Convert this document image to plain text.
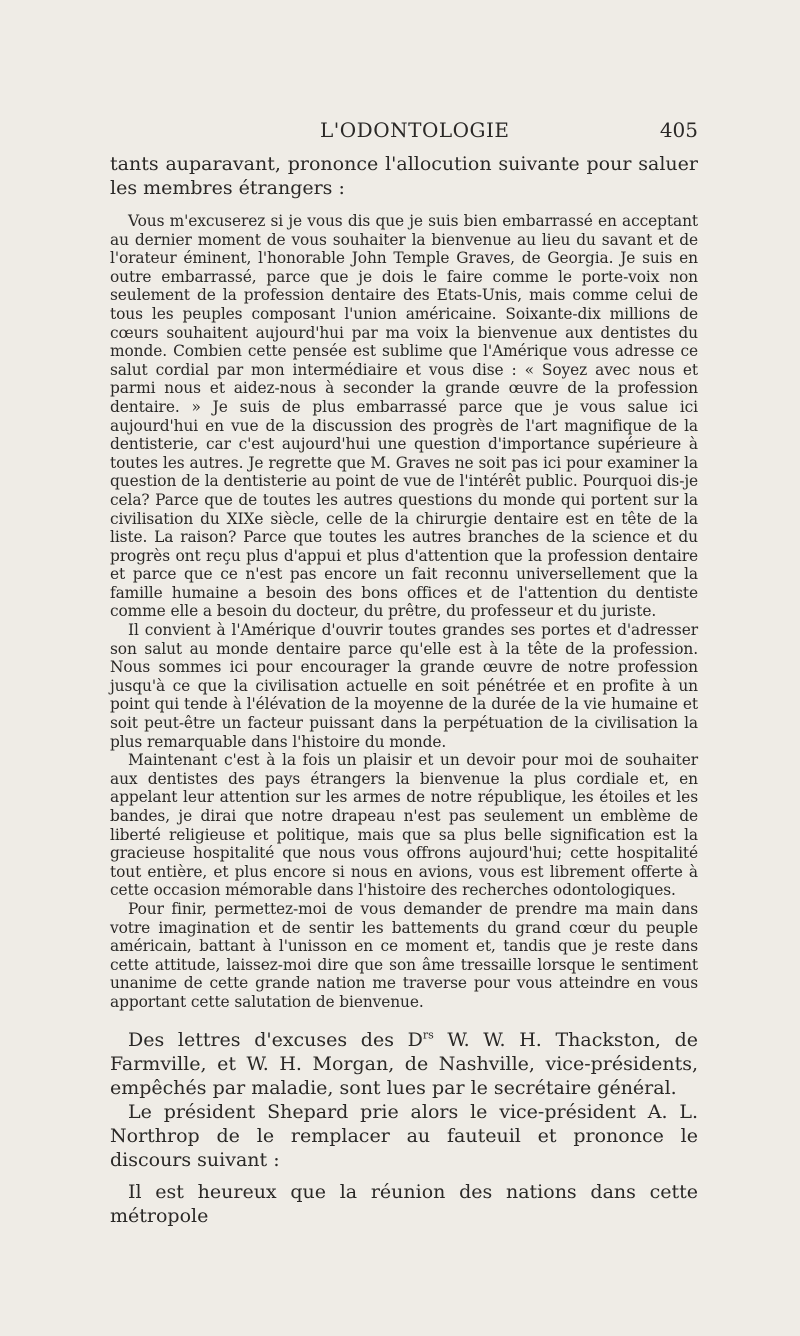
L'ODONTOLOGIE	405

tants auparavant, prononce l'allocution suivante pour saluer les membres étrangers :

Vous m'excuserez si je vous dis que je suis bien embarrassé en acceptant au dernier moment de vous souhaiter la bienvenue au lieu du savant et de l'orateur éminent, l'honorable John Temple Graves, de Georgia. Je suis en outre embarrassé, parce que je dois le faire comme le porte-voix non seulement de la profession dentaire des Etats-Unis, mais comme celui de tous les peuples composant l'union américaine. Soixante-dix millions de cœurs souhaitent aujourd'hui par ma voix la bienvenue aux dentistes du monde. Combien cette pensée est sublime que l'Amérique vous adresse ce salut cordial par mon intermédiaire et vous dise : « Soyez avec nous et parmi nous et aidez-nous à seconder la grande œuvre de la profession dentaire. » Je suis de plus embarrassé parce que je vous salue ici aujourd'hui en vue de la discussion des progrès de l'art magnifique de la dentisterie, car c'est aujourd'hui une question d'importance supérieure à toutes les autres. Je regrette que M. Graves ne soit pas ici pour examiner la question de la dentisterie au point de vue de l'intérêt public. Pourquoi dis-je cela? Parce que de toutes les autres questions du monde qui portent sur la civilisation du XIXe siècle, celle de la chirurgie dentaire est en tête de la liste. La raison? Parce que toutes les autres branches de la science et du progrès ont reçu plus d'appui et plus d'attention que la profession dentaire et parce que ce n'est pas encore un fait reconnu universellement que la famille humaine a besoin des bons offices et de l'attention du dentiste comme elle a besoin du docteur, du prêtre, du professeur et du juriste.

Il convient à l'Amérique d'ouvrir toutes grandes ses portes et d'adresser son salut au monde dentaire parce qu'elle est à la tête de la profession. Nous sommes ici pour encourager la grande œuvre de notre profession jusqu'à ce que la civilisation actuelle en soit pénétrée et en profite à un point qui tende à l'élévation de la moyenne de la durée de la vie humaine et soit peut-être un facteur puissant dans la perpétuation de la civilisation la plus remarquable dans l'histoire du monde.

Maintenant c'est à la fois un plaisir et un devoir pour moi de souhaiter aux dentistes des pays étrangers la bienvenue la plus cordiale et, en appelant leur attention sur les armes de notre république, les étoiles et les bandes, je dirai que notre drapeau n'est pas seulement un emblème de liberté religieuse et politique, mais que sa plus belle signification est la gracieuse hospitalité que nous vous offrons aujourd'hui; cette hospitalité tout entière, et plus encore si nous en avions, vous est librement offerte à cette occasion mémorable dans l'histoire des recherches odontologiques.

Pour finir, permettez-moi de vous demander de prendre ma main dans votre imagination et de sentir les battements du grand cœur du peuple américain, battant à l'unisson en ce moment et, tandis que je reste dans cette attitude, laissez-moi dire que son âme tressaille lorsque le sentiment unanime de cette grande nation me traverse pour vous atteindre en vous apportant cette salutation de bienvenue.

Des lettres d'excuses des $D^{rs}$ W. W. H. Thackston, de Farmville, et W. H. Morgan, de Nashville, vice-présidents, empêchés par maladie, sont lues par le secrétaire général.

Le président Shepard prie alors le vice-président A. L. Northrop de le remplacer au fauteuil et prononce le discours suivant :

Il est heureux que la réunion des nations dans cette métropole
